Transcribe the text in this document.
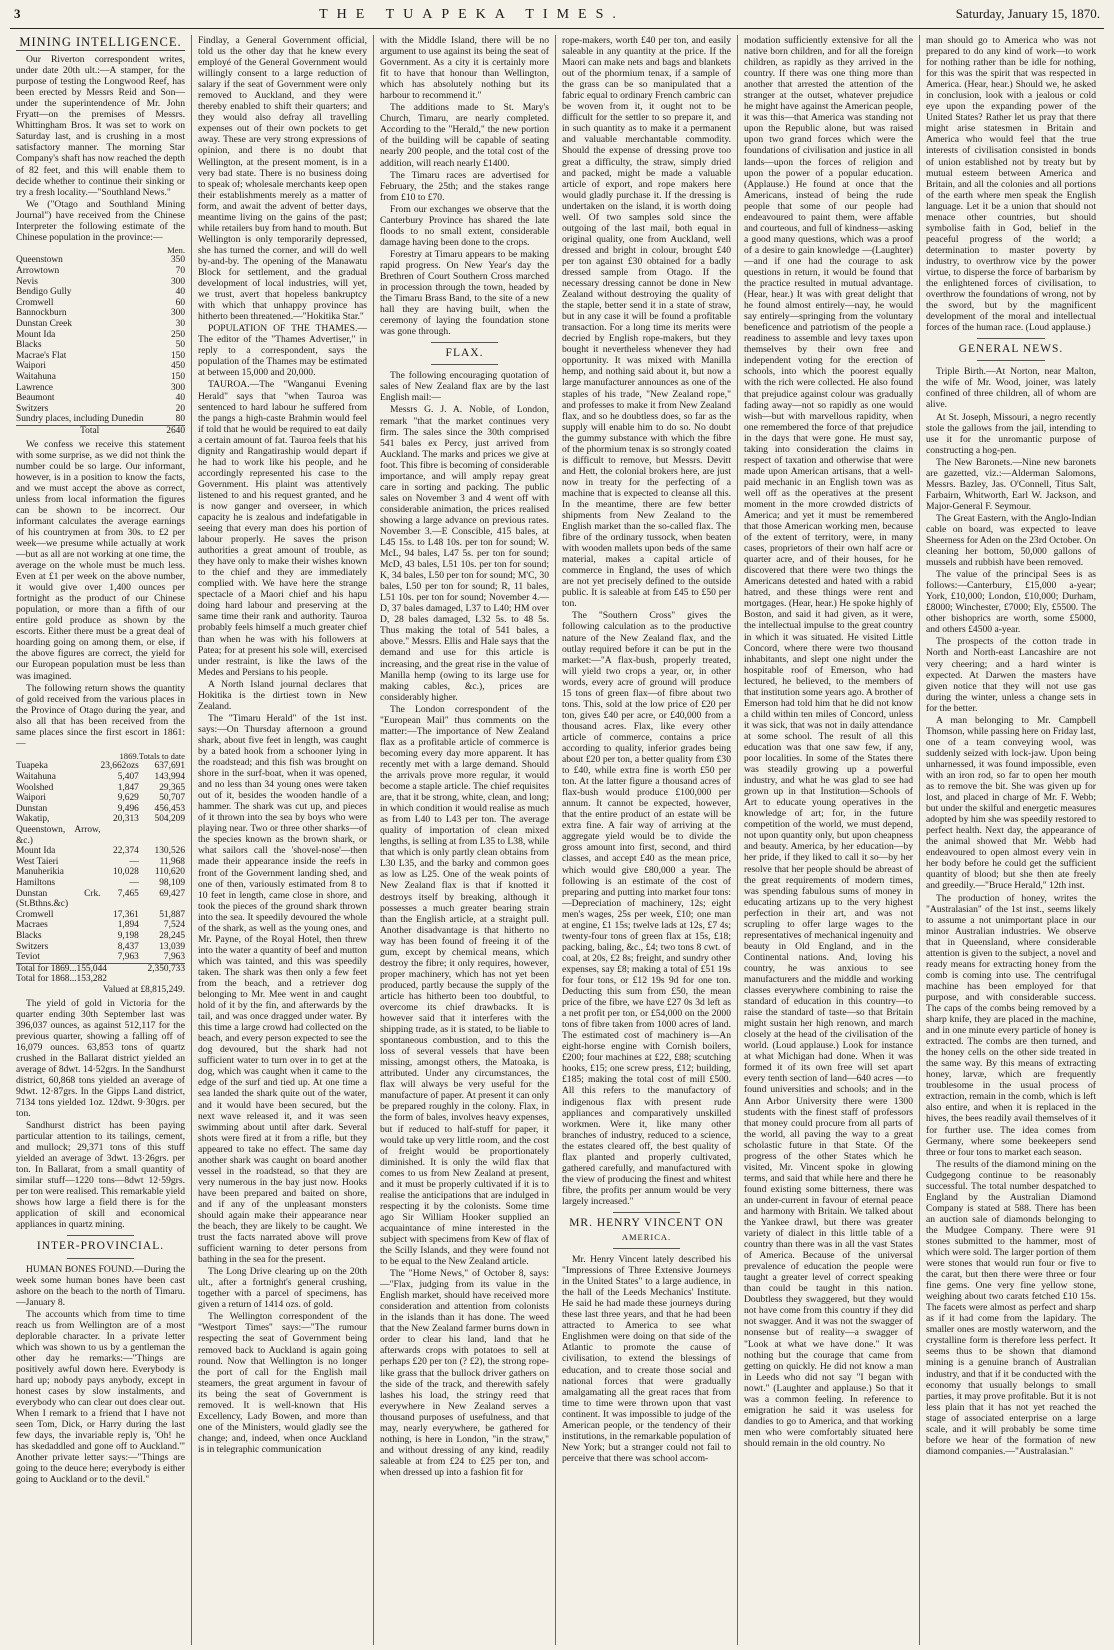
3	THE TUAPEKA TIMES.	Saturday, January 15, 1870.
MINING INTELLIGENCE.

Our Riverton correspondent writes, under date 20th ult.:—A stamper, for the purpose of testing the Longwood Reef, has been erected by Messrs Reid and Son—under the superintendence of Mr. John Fryatt—on the premises of Messrs. Whittingham Bros. It was set to work on Saturday last, and is crushing in a most satisfactory manner. The morning Star Company's shaft has now reached the depth of 82 feet, and this will enable them to decide whether to continue their sinking or try a fresh locality.—"Southland News."

We ("Otago and Southland Mining Journal") have received from the Chinese Interpreter the following estimate of the Chinese population in the province:—

	Men.
Queenstown	350
Arrowtown	70
Nevis	300
Bendigo Gully	40
Cromwell	60
Bannockburn	300
Dunstan Creek	30
Mount Ida	250
Blacks	50
Macrae's Flat	150
Waipori	450
Waitahuna	150
Lawrence	300
Beaumont	40
Switzers	20
Sundry places, including Dunedin	80
Total	2640

We confess we receive this statement with some surprise, as we did not think the number could be so large. Our informant, however, is in a position to know the facts, and we must accept the above as correct, unless from local information the figures can be shown to be incorrect. Our informant calculates the average earnings of his countrymen at from 30s. to £2 per week—we presume while actually at work—but as all are not working at one time, the average on the whole must be much less. Even at £1 per week on the above number, it would give over 1,400 ounces per fortnight as the product of our Chinese population, or more than a fifth of our entire gold produce as shown by the escorts. Either there must be a great deal of hoarding going on among them, or else, if the above figures are correct, the yield for our European population must be less than was imagined.

The following return shows the quantity of gold received from the various places in the Province of Otago during the year, and also all that has been received from the same places since the first escort in 1861:—

	1869.	Totals to date
Tuapeka	23,662ozs	637,691
Waitahuna	5,407	143,994
Woolshed	1,847	29,365
Waipori	9,629	50,707
Dunstan	9,496	456,453
Wakatip, Queenstown, Arrow, &c.)	20,313	504,209
Mount Ida	22,374	130,526
West Taieri	—	11,968
Manuherikia	10,028	110,620
Hamiltons	—	98,109
Dunstan Crk. (St.Bthns.&c)	7,465	69,427
Cromwell	17,361	51,887
Macraes	1,894	7,524
Blacks	9,198	28,245
Switzers	8,437	13,039
Teviot	7,963	7,963
Total for 1869...155,044		2,350,733
Total for 1868...153,282		
Valued at £8,815,249.		

The yield of gold in Victoria for the quarter ending 30th September last was 396,037 ounces, as against 512,117 for the previous quarter, showing a falling off of 16,079 ounces. 63,853 tons of quartz crushed in the Ballarat district yielded an average of 8dwt. 14·52grs. In the Sandhurst district, 60,868 tons yielded an average of 9dwt. 12·87grs. In the Gipps Land district, 7134 tons yielded 1oz. 12dwt. 9·30grs. per ton.

Sandhurst district has been paying particular attention to its tailings, cement, and mullock; 29,371 tons of this stuff yielded an average of 3dwt. 13·26grs. per ton. In Ballarat, from a small quantity of similar stuff—1220 tons—8dwt 12·59grs. per ton were realised. This remarkable yield shows how large a field there is for the application of skill and economical appliances in quartz mining.

INTER-PROVINCIAL.

HUMAN BONES FOUND.—During the week some human bones have been cast ashore on the beach to the north of Timaru.—January 8.

The accounts which from time to time reach us from Wellington are of a most deplorable character. In a private letter which was shown to us by a gentleman the other day he remarks:—"Things are positively awful down here. Everybody is hard up; nobody pays anybody, except in honest cases by slow instalments, and everybody who can clear out does clear out. When I remark to a friend that I have not seen Tom, Dick, or Harry during the last few days, the invariable reply is, 'Oh! he has skedaddled and gone off to Auckland.'" Another private letter says:—"Things are going to the deuce here; everybody is either going to Auckland or to the devil."

Findlay, a General Government official, told us the other day that he knew every employé of the General Government would willingly consent to a large reduction of salary if the seat of Government were only removed to Auckland, and they were thereby enabled to shift their quarters; and they would also defray all travelling expenses out of their own pockets to get away. These are very strong expressions of opinion, and there is no doubt that Wellington, at the present moment, is in a very bad state. There is no business doing to speak of; wholesale merchants keep open their establishments merely as a matter of form, and await the advent of better days, meantime living on the gains of the past; while retailers buy from hand to mouth. But Wellington is only temporarily depressed, she has turned the corner, and will do well by-and-by. The opening of the Manawatu Block for settlement, and the gradual development of local industries, will yet, we trust, avert that hopeless bankruptcy with which that unhappy province has hitherto been threatened.—"Hokitika Star."

POPULATION OF THE THAMES.—The editor of the "Thames Advertiser," in reply to a correspondent, says the population of the Thames may be estimated at between 15,000 and 20,000.

TAUROA.—The "Wanganui Evening Herald" says that "when Tauroa was sentenced to hard labour he suffered from the pangs a high-caste Brahmin would feel if told that he would be required to eat daily a certain amount of fat. Tauroa feels that his dignity and Rangatiraship would depart if he had to work like his people, and he accordingly represented his case to the Government. His plaint was attentively listened to and his request granted, and he is now ganger and overseer, in which capacity he is zealous and indefatigable in seeing that every man does his portion of labour properly. He saves the prison authorities a great amount of trouble, as they have only to make their wishes known to the chief and they are immediately complied with. We have here the strange spectacle of a Maori chief and his hapu doing hard labour and preserving at the same time their rank and authority. Tauroa probably feels himself a much greater chief than when he was with his followers at Patea; for at present his sole will, exercised under restraint, is like the laws of the Medes and Persians to his people.

A North Island journal declares that Hokitika is the dirtiest town in New Zealand.

The "Timaru Herald" of the 1st inst. says:—On Thursday afternoon a ground shark, about five feet in length, was caught by a bated hook from a schooner lying in the roadstead; and this fish was brought on shore in the surf-boat, when it was opened, and no less than 34 young ones were taken out of it, besides the wooden handle of a hammer. The shark was cut up, and pieces of it thrown into the sea by boys who were playing near. Two or three other sharks—of the species known as the brown shark, or what sailors call the 'shovel-nose'—then made their appearance inside the reefs in front of the Government landing shed, and one of then, variously estimated from 8 to 10 feet in length, came close in shore, and took the pieces of the ground shark thrown into the sea. It speedily devoured the whole of the shark, as well as the young ones, and Mr. Payne, of the Royal Hotel, then threw into the water a quantity of beef and mutton which was tainted, and this was speedily taken. The shark was then only a few feet from the beach, and a retriever dog belonging to Mr. Mee went in and caught hold of it by the fin, and afterwards by the tail, and was once dragged under water. By this time a large crowd had collected on the beach, and every person expected to see the dog devoured, but the shark had not sufficient water to turn over in to get at the dog, which was caught when it came to the edge of the surf and tied up. At one time a sea landed the shark quite out of the water, and it would have been secured, but the next wave released it, and it was seen swimming about until after dark. Several shots were fired at it from a rifle, but they appeared to take no effect. The same day another shark was caught on board another vessel in the roadstead, so that they are very numerous in the bay just now. Hooks have been prepared and baited on shore, and if any of the unpleasant monsters should again make their appearance near the beach, they are likely to be caught. We trust the facts narrated above will prove sufficient warning to deter persons from bathing in the sea for the present.

The Long Drive clearing up on the 20th ult., after a fortnight's general crushing, together with a parcel of specimens, has given a return of 1414 ozs. of gold.

The Wellington correspondent of the "Westport Times" says:—"The rumour respecting the seat of Government being removed back to Auckland is again going round. Now that Wellington is no longer the port of call for the English mail steamers, the great argument in favour of its being the seat of Government is removed. It is well-known that His Excellency, Lady Bowen, and more than one of the Ministers, would gladly see the change; and, indeed, when once Auckland is in telegraphic communication

with the Middle Island, there will be no argument to use against its being the seat of Government. As a city it is certainly more fit to have that honour than Wellington, which has absolutely nothing but its harbour to recommend it."

The additions made to St. Mary's Church, Timaru, are nearly completed. According to the "Herald," the new portion of the building will be capable of seating nearly 200 people, and the total cost of the addition, will reach nearly £1400.

The Timaru races are advertised for February, the 25th; and the stakes range from £10 to £70.

From our exchanges we observe that the Canterbury Province has shared the late floods to no small extent, considerable damage having been done to the crops.

Forestry at Timaru appears to be making rapid progress. On New Year's day the Brethren of Court Southern Cross marched in procession through the town, headed by the Timaru Brass Band, to the site of a new hall they are having built, when the ceremony of laying the foundation stone was gone through.

FLAX.

The following encouraging quotation of sales of New Zealand flax are by the last English mail:—

Messrs G. J. A. Noble, of London, remark "that the market continues very firm. The sales since the 30th comprised 541 bales ex Percy, just arrived from Auckland. The marks and prices we give at foot. This fibre is becoming of considerable importance, and will amply repay great care in sorting and packing. The public sales on November 3 and 4 went off with considerable animation, the prices realised showing a large advance on previous rates. November 3.—E Conscible, 415 bales, at L45 15s. to L48 10s. per ton for sound; W. McL, 94 bales, L47 5s. per ton for sound; McD, 43 bales, L51 10s. per ton for sound; K, 34 bales, L50 per ton for sound; M'C, 30 bales, L50 per ton for sound; R, 11 bales, L51 10s. per ton for sound; November 4.—D, 37 bales damaged, L37 to L40; HM over D, 28 bales damaged, L32 5s. to 48 5s. Thus making the total of 541 bales, a above." Messrs. Ellis and Hale says that the demand and use for this article is increasing, and the great rise in the value of Manilla hemp (owing to its large use for making cables, &c.), prices are considerably higher.

The London correspondent of the "European Mail" thus comments on the matter:—The importance of New Zealand flax as a profitable article of commerce is becoming every day more apparent. It has recently met with a large demand. Should the arrivals prove more regular, it would become a staple article. The chief requisites are, that it be strong, white, clean, and long; in which condition it would realise as much as from L40 to L43 per ton. The average quality of importation of clean mixed lengths, is selling at from L35 to L38, while that which is only partly clean obtains from L30 L35, and the barky and common goes as low as L25. One of the weak points of New Zealand flax is that if knotted it destroys itself by breaking, although it possesses a much greater bearing strain than the English article, at a straight pull. Another disadvantage is that hitherto no way has been found of freeing it of the gum, except by chemical means, which destroy the fibre; it only requires, however, proper machinery, which has not yet been produced, partly because the supply of the article has hitherto been too doubtful, to overcome its chief drawbacks. It is however said that it interferes with the shipping trade, as it is stated, to be liable to spontaneous combustion, and to this the loss of several vessels that have been missing, amongst others, the Matoaka, is attributed. Under any circumstances, the flax will always be very useful for the manufacture of paper. At present it can only be prepared roughly in the colony. Flax, in the form of bales, involves heavy expenses, but if reduced to half-stuff for paper, it would take up very little room, and the cost of freight would be proportionately diminished. It is only the wild flax that comes to us from New Zealand at present, and it must be properly cultivated if it is to realise the anticipations that are indulged in respecting it by the colonists. Some time ago Sir William Hooker supplied an acquaintance of mine interested in the subject with specimens from Kew of flax of the Scilly Islands, and they were found not to be equal to the New Zealand article.

The "Home News," of October 8, says:—"Flax, judging from its value in the English market, should have received more consideration and attention from colonists in the islands than it has done. The weed that the New Zealand farmer burns down in order to clear his land, land that he afterwards crops with potatoes to sell at perhaps £20 per ton (? £2), the strong rope-like grass that the bullock driver gathers on the side of the track, and therewith safely lashes his load, the stringy reed that everywhere in New Zealand serves a thousand purposes of usefulness, and that may, nearly everywhere, be gathered for nothing, is here in London, "in the straw," and without dressing of any kind, readily saleable at from £24 to £25 per ton, and when dressed up into a fashion fit for

rope-makers, worth £40 per ton, and easily saleable in any quantity at the price. If the Maori can make nets and bags and blankets out of the phormium tenax, if a sample of the grass can be so manipulated that a fabric equal to ordinary French cambric can be woven from it, it ought not to be difficult for the settler to so prepare it, and in such quantity as to make it a permanent and valuable merchantable commodity. Should the expense of dressing prove too great a difficulty, the straw, simply dried and packed, might be made a valuable article of export, and rope makers here would gladly purchase it. If the dressing is undertaken on the island, it is worth doing well. Of two samples sold since the outgoing of the last mail, both equal in original quality, one from Auckland, well dressed and bright in colour, brought £40 per ton against £30 obtained for a badly dressed sample from Otago. If the necessary dressing cannot be done in New Zealand without destroying the quality of the staple, better send it in a state of straw, but in any case it will be found a profitable transaction. For a long time its merits were decried by English rope-makers, but they bought it nevertheless whenever they had opportunity. It was mixed with Manilla hemp, and nothing said about it, but now a large manufacturer announces as one of the staples of his trade, "New Zealand rope," and professes to make it from New Zealand flax, and so he doubtless does, so far as the supply will enable him to do so. No doubt the gummy substance with which the fibre of the phormium tenax is so strongly coated is difficult to remove, but Messrs. Devitt and Hett, the colonial brokers here, are just now in treaty for the perfecting of a machine that is expected to cleanse all this. In the meantime, there are few better shipments from New Zealand to the English market than the so-called flax. The fibre of the ordinary tussock, when beaten with wooden mallets upon beds of the same material, makes a capital article of commerce in England, the uses of which are not yet precisely defined to the outside public. It is saleable at from £45 to £50 per ton.

The "Southern Cross" gives the following calculation as to the productive nature of the New Zealand flax, and the outlay required before it can be put in the market:—"A flax-bush, properly treated, will yield two crops a year, or, in other words, every acre of ground will produce 15 tons of green flax—of fibre about two tons. This, sold at the low price of £20 per ton, gives £40 per acre, or £40,000 from a thousand acres. Flax, like every other article of commerce, contains a price according to quality, inferior grades being about £20 per ton, a better quality from £30 to £40, while extra fine is worth £50 per ton. At the latter figure a thousand acres of flax-bush would produce £100,000 per annum. It cannot be expected, however, that the entire product of an estate will be extra fine. A fair way of arriving at the aggregate yield would be to divide the gross amount into first, second, and third classes, and accept £40 as the mean price, which would give £80,000 a year. The following is an estimate of the cost of preparing and putting into market four tons:—Depreciation of machinery, 12s; eight men's wages, 25s per week, £10; one man at engine, £1 15s; twelve lads at 12s, £7 4s; twenty-four tons of green flax at 15s, £18; packing, baling, &c., £4; two tons 8 cwt. of coal, at 20s, £2 8s; freight, and sundry other expenses, say £8; making a total of £51 19s for four tons, or £12 19s 9d for one ton. Deducting this sum from £50, the mean price of the fibre, we have £27 0s 3d left as a net profit per ton, or £54,000 on the 2000 tons of fibre taken from 1000 acres of land. The estimated cost of machinery is—An eight-horse engine with Cornish boilers, £200; four machines at £22, £88; scutching hooks, £15; one screw press, £12; building, £185; making the total cost of mill £500. All this refers to the manufactory of indigenous flax with present rude appliances and comparatively unskilled workmen. Were it, like many other branches of industry, reduced to a science, the estates cleared off, the best quality of flax planted and properly cultivated, gathered carefully, and manufactured with the view of producing the finest and whitest fibre, the profits per annum would be very largely increased."

MR. HENRY VINCENT ON
AMERICA.

Mr. Henry Vincent lately described his "Impressions of Three Extensive Journeys in the United States" to a large audience, in the hall of the Leeds Mechanics' Institute. He said he had made these journeys during these last three years, and that he had been attracted to America to see what Englishmen were doing on that side of the Atlantic to promote the cause of civilisation, to extend the blessings of education, and to create those social and national forces that were gradually amalgamating all the great races that from time to time were thrown upon that vast continent. It was impossible to judge of the American people, or the tendency of their institutions, in the remarkable population of New York; but a stranger could not fail to perceive that there was school accom-

modation sufficiently extensive for all the native born children, and for all the foreign children, as rapidly as they arrived in the country. If there was one thing more than another that arrested the attention of the stranger at the outset, whatever prejudice he might have against the American people, it was this—that America was standing not upon the Republic alone, but was raised upon two grand forces which were the foundations of civilisation and justice in all lands—upon the forces of religion and upon the power of a popular education. (Applause.) He found at once that the Americans, instead of being the rude people that some of our people had endeavoured to paint them, were affable and courteous, and full of kindness—asking a good many questions, which was a proof of a desire to gain knowledge —(Laughter)—and if one had the courage to ask questions in return, it would be found that the practice resulted in mutual advantage. (Hear, hear.) It was with great delight that he found almost entirely—nay, he would say entirely—springing from the voluntary beneficence and patriotism of the people a readiness to assemble and levy taxes upon themselves by their own free and independent voting for the erection of schools, into which the poorest equally with the rich were collected. He also found that prejudice against colour was gradually fading away—not so rapidly as one would wish—but with marvellous rapidity, when one remembered the force of that prejudice in the days that were gone. He must say, taking into consideration the claims in respect of taxation and otherwise that were made upon American artisans, that a well-paid mechanic in an English town was as well off as the operatives at the present moment in the more crowded districts of America; and yet it must be remembered that those American working men, because of the extent of territory, were, in many cases, proprietors of their own half acre or quarter acre, and of their houses, for he discovered that there were two things the Americans detested and hated with a rabid hatred, and these things were rent and mortgages. (Hear, hear.) He spoke highly of Boston, and said it had given, as it were, the intellectual impulse to the great country in which it was situated. He visited Little Concord, where there were two thousand inhabitants, and slept one night under the hospitable roof of Emerson, who had lectured, he believed, to the members of that institution some years ago. A brother of Emerson had told him that he did not know a child within ten miles of Concord, unless it was sick, that was not in daily attendance at some school. The result of all this education was that one saw few, if any, poor localities. In some of the States there was steadily growing up a powerful industry, and what he was glad to see had grown up in that Institution—Schools of Art to educate young operatives in the knowledge of art; for, in the future competition of the world, we must depend, not upon quantity only, but upon cheapness and beauty. America, by her education—by her pride, if they liked to call it so—by her resolve that her people should be abreast of the great requirements of modern times, was spending fabulous sums of money in educating artizans up to the very highest perfection in their art, and was not scrupling to offer large wages to the representatives of mechanical ingenuity and beauty in Old England, and in the Continental nations. And, loving his country, he was anxious to see manufacturers and the middle and working classes everywhere combining to raise the standard of education in this country—to raise the standard of taste—so that Britain might sustain her high renown, and march closely at the head of the civilisation of the world. (Loud applause.) Look for instance at what Michigan had done. When it was formed it of its own free will set apart every tenth section of land—640 acres —to found universities and schools; and in the Ann Arbor University there were 1300 students with the finest staff of professors that money could procure from all parts of the world, all paving the way to a great scholastic future in that State. Of the progress of the other States which he visited, Mr. Vincent spoke in glowing terms, and said that while here and there he found existing some bitterness, there was an under-current in favour of eternal peace and harmony with Britain. We talked about the Yankee drawl, but there was greater variety of dialect in this little table of a country than there was in all the vast States of America. Because of the universal prevalence of education the people were taught a greater level of correct speaking than could be taught in this nation. Doubtless they swaggered, but they would not have come from this country if they did not swagger. And it was not the swagger of nonsense but of reality—a swagger of "Look at what we have done." It was nothing but the courage that came from getting on quickly. He did not know a man in Leeds who did not say "I began with nowt." (Laughter and applause.) So that it was a common feeling. In reference to emigration he said it was useless for dandies to go to America, and that working men who were comfortably situated here should remain in the old country. No

man should go to America who was not prepared to do any kind of work—to work for nothing rather than be idle for nothing, for this was the spirit that was respected in America. (Hear, hear.) Should we, he asked in conclusion, look with a jealous or cold eye upon the expanding power of the United States? Rather let us pray that there might arise statesmen in Britain and America who would feel that the true interests of civilisation consisted in bonds of union established not by treaty but by mutual esteem between America and Britain, and all the colonies and all portions of the earth where men speak the English language. Let it be a union that should not menace other countries, but should symbolise faith in God, belief in the peaceful progress of the world; a determination to master poverty by industry, to overthrow vice by the power virtue, to disperse the force of barbarism by the enlightened forces of civilisation, to overthrow the foundations of wrong, not by the sword, but by the magnificent development of the moral and intellectual forces of the human race. (Loud applause.)

GENERAL NEWS.

Triple Birth.—At Norton, near Malton, the wife of Mr. Wood, joiner, was lately confined of three children, all of whom are alive.

At St. Joseph, Missouri, a negro recently stole the gallows from the jail, intending to use it for the unromantic purpose of constructing a hog-pen.

The New Baronets.—Nine new baronets are gazetted, viz.:—Alderman Salomons, Messrs. Bazley, Jas. O'Connell, Titus Salt, Farbairn, Whitworth, Earl W. Jackson, and Major-General F. Seymour.

The Great Eastern, with the Anglo-Indian cable on board, was expected to leave Sheerness for Aden on the 23rd October. On cleaning her bottom, 50,000 gallons of mussels and rubbish have been removed.

The value of the principal Sees is as follows:—Canterbury, £15,000 a-year; York, £10,000; London, £10,000; Durham, £8000; Winchester, £7000; Ely, £5500. The other bishoprics are worth, some £5000, and others £4500 a-year.

The prospects of the cotton trade in North and North-east Lancashire are not very cheering; and a hard winter is expected. At Darwen the masters have given notice that they will not use gas during the winter, unless a change sets in for the better.

A man belonging to Mr. Campbell Thomson, while passing here on Friday last, one of a team conveying wool, was suddenly seized with lock-jaw. Upon being unharnessed, it was found impossible, even with an iron rod, so far to open her mouth as to remove the bit. She was given up for lost, and placed in charge of Mr. F. Webb; but under the skilful and energetic measures adopted by him she was speedily restored to perfect health. Next day, the appearance of the animal showed that Mr. Webb had endeavoured to open almost every vein in her body before he could get the sufficient quantity of blood; but she then ate freely and greedily.—"Bruce Herald," 12th inst.

The production of honey, writes the "Australasian" of the 1st inst., seems likely to assume a not unimportant place in our minor Australian industries. We observe that in Queensland, where considerable attention is given to the subject, a novel and ready means for extracting honey from the comb is coming into use. The centrifugal machine has been employed for that purpose, and with considerable success. The caps of the combs being removed by a sharp knife, they are placed in the machine, and in one minute every particle of honey is extracted. The combs are then turned, and the honey cells on the other side treated in the same way. By this means of extracting honey, larvæ, which are frequently troublesome in the usual process of extraction, remain in the comb, which is left also entire, and when it is replaced in the hives, the bees readily avail themselves of it for further use. The idea comes from Germany, where some beekeepers send three or four tons to market each season.

The results of the diamond mining on the Cudgegong continue to be reasonably successful. The total number despatched to England by the Australian Diamond Company is stated at 588. There has been an auction sale of diamonds belonging to the Mudgee Company. There were 91 stones submitted to the hammer, most of which were sold. The larger portion of them were stones that would run four or five to the carat, but then there were three or four fine gems. One very fine yellow stone, weighing about two carats fetched £10 15s. The facets were almost as perfect and sharp as if it had come from the lapidary. The smaller ones are mostly waterworn, and the crystalline form is therefore less perfect. It seems thus to be shown that diamond mining is a genuine branch of Australian industry, and that if it be conducted with the economy that usually belongs to small parties, it may prove profitable. But it is not less plain that it has not yet reached the stage of associated enterprise on a large scale, and it will probably be some time before we hear of the formation of new diamond companies.—"Australasian."
